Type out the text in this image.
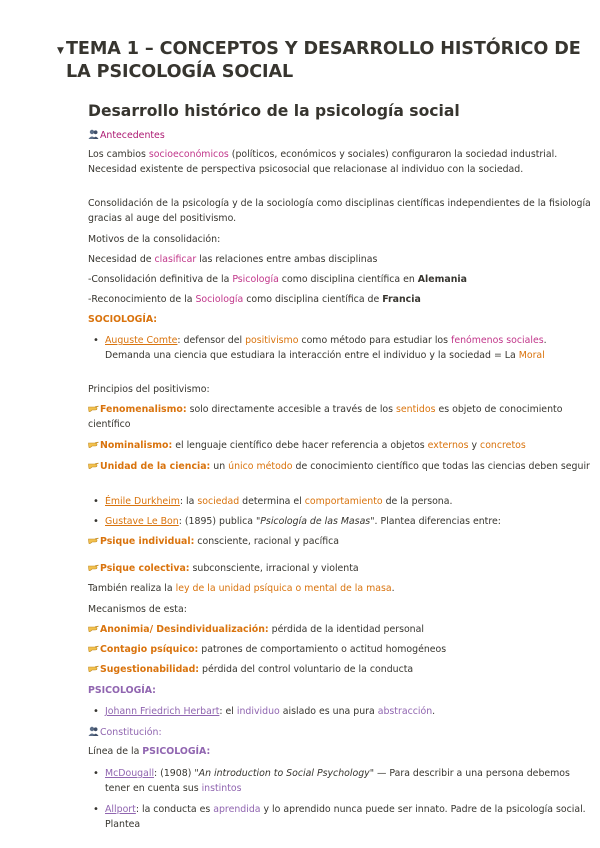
▼ TEMA 1 – CONCEPTOS Y DESARROLLO HISTÓRICO DE LA PSICOLOGÍA SOCIAL
Desarrollo histórico de la psicología social

Antecedentes

Los cambios socioeconómicos (políticos, económicos y sociales) configuraron la sociedad industrial. Necesidad existente de perspectiva psicosocial que relacionase al individuo con la sociedad.

Consolidación de la psicología y de la sociología como disciplinas científicas independientes de la fisiología gracias al auge del positivismo.

Motivos de la consolidación:

Necesidad de clasificar las relaciones entre ambas disciplinas

-Consolidación definitiva de la Psicología como disciplina científica en Alemania

-Reconocimiento de la Sociología como disciplina científica de Francia

SOCIOLOGÍA:

• Auguste Comte: defensor del positivismo como método para estudiar los fenómenos sociales. Demanda una ciencia que estudiara la interacción entre el individuo y la sociedad = La Moral

Principios del positivismo:

Fenomenalismo: solo directamente accesible a través de los sentidos es objeto de conocimiento científico

Nominalismo: el lenguaje científico debe hacer referencia a objetos externos y concretos

Unidad de la ciencia: un único método de conocimiento científico que todas las ciencias deben seguir

• Émile Durkheim: la sociedad determina el comportamiento de la persona.

• Gustave Le Bon: (1895) publica "Psicología de las Masas". Plantea diferencias entre:

Psique individual: consciente, racional y pacífica

Psique colectiva: subconsciente, irracional y violenta

También realiza la ley de la unidad psíquica o mental de la masa.

Mecanismos de esta:

Anonimia/ Desindividualización: pérdida de la identidad personal

Contagio psíquico: patrones de comportamiento o actitud homogéneos

Sugestionabilidad: pérdida del control voluntario de la conducta

PSICOLOGÍA:

• Johann Friedrich Herbart: el individuo aislado es una pura abstracción.

Constitución:

Línea de la PSICOLOGÍA:

• McDougall: (1908) "An introduction to Social Psychology" — Para describir a una persona debemos tener en cuenta sus instintos

• Allport: la conducta es aprendida y lo aprendido nunca puede ser innato. Padre de la psicología social. Plantea
